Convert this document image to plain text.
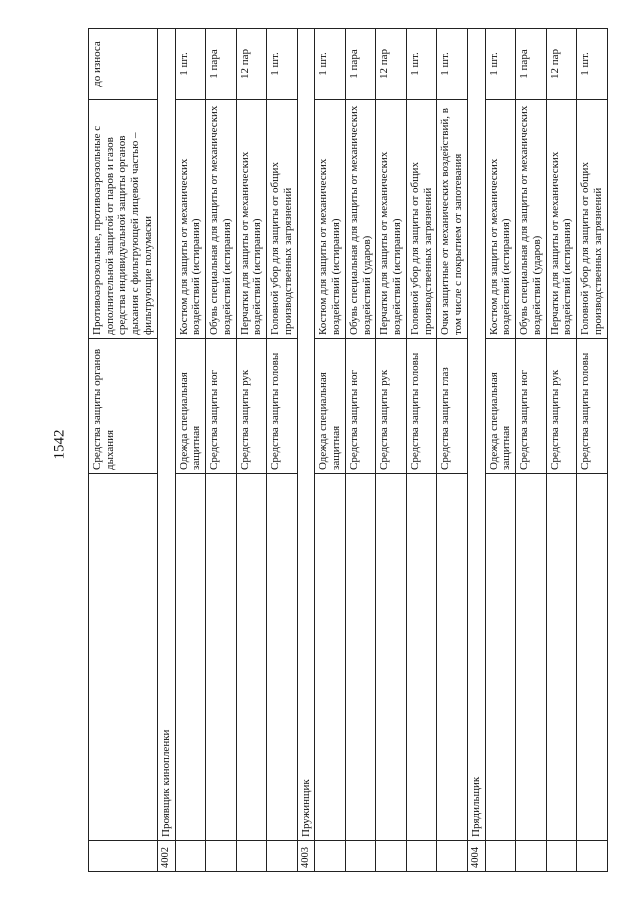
1542
		Средства защиты органов дыхания	Противоаэрозольные, противоаэрозольные с дополнительной защитой от паров и газов средства индивидуальной защиты органов дыхания с фильтрующей лицевой частью – фильтрующие полумаски	до износа
4002	Проявщик кинопленки			
		Одежда специальная защитная	Костюм для защиты от механических воздействий (истирания)	1 шт.
		Средства защиты ног	Обувь специальная для защиты от механических воздействий (истирания)	1 пара
		Средства защиты рук	Перчатки для защиты от механических воздействий (истирания)	12 пар
		Средства защиты головы	Головной убор для защиты от общих производственных загрязнений	1 шт.
4003	Пружинщик			
		Одежда специальная защитная	Костюм для защиты от механических воздействий (истирания)	1 шт.
		Средства защиты ног	Обувь специальная для защиты от механических воздействий (ударов)	1 пара
		Средства защиты рук	Перчатки для защиты от механических воздействий (истирания)	12 пар
		Средства защиты головы	Головной убор для защиты от общих производственных загрязнений	1 шт.
		Средства защиты глаз	Очки защитные от механических воздействий, в том числе с покрытием от запотевания	1 шт.
4004	Прядильщик			
		Одежда специальная защитная	Костюм для защиты от механических воздействий (истирания)	1 шт.
		Средства защиты ног	Обувь специальная для защиты от механических воздействий (ударов)	1 пара
		Средства защиты рук	Перчатки для защиты от механических воздействий (истирания)	12 пар
		Средства защиты головы	Головной убор для защиты от общих производственных загрязнений	1 шт.
